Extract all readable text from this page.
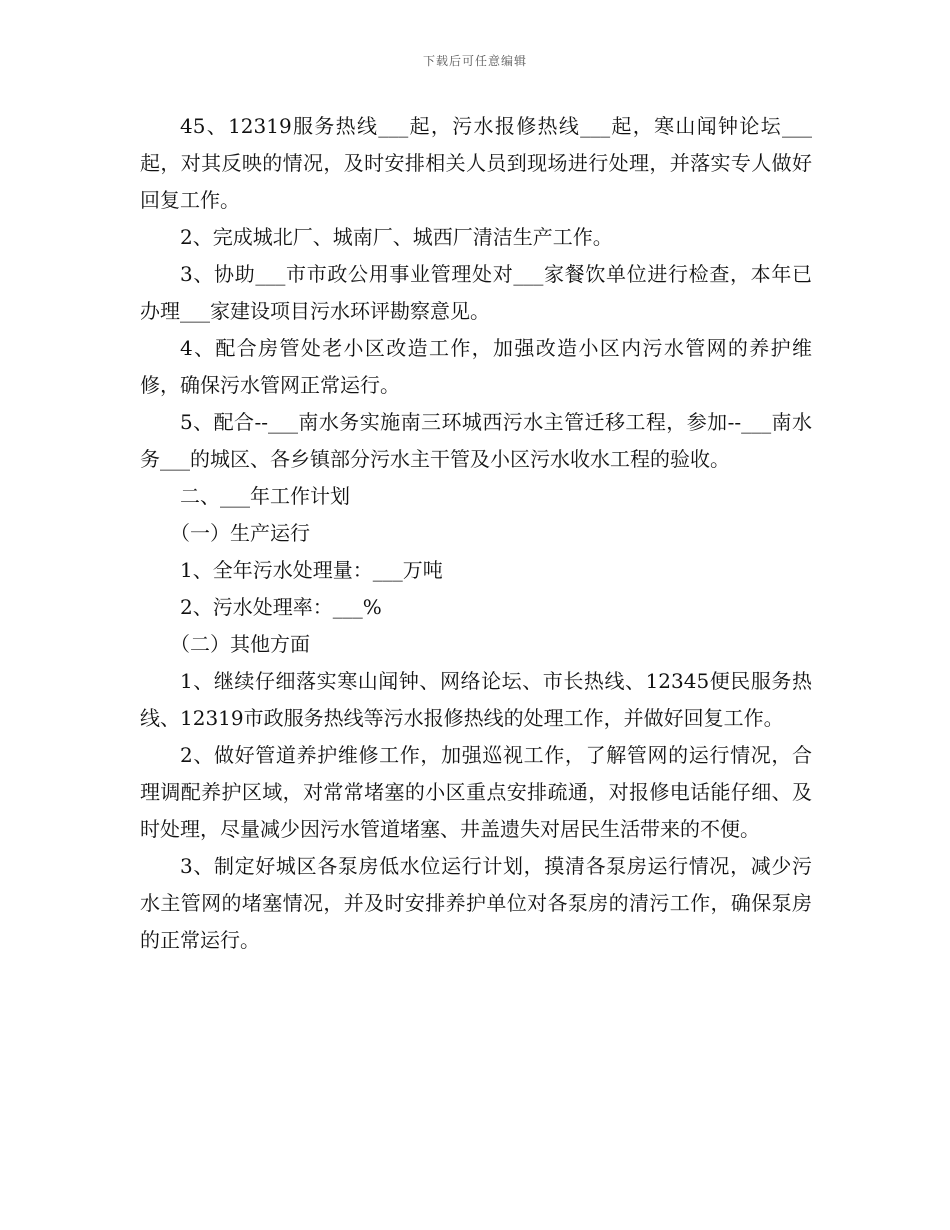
下载后可任意编辑

45、12319服务热线___起，污水报修热线___起，寒山闻钟论坛___起，对其反映的情况，及时安排相关人员到现场进行处理，并落实专人做好回复工作。

2、完成城北厂、城南厂、城西厂清洁生产工作。

3、协助___市市政公用事业管理处对___家餐饮单位进行检查，本年已办理___家建设项目污水环评勘察意见。

4、配合房管处老小区改造工作，加强改造小区内污水管网的养护维修，确保污水管网正常运行。

5、配合--___南水务实施南三环城西污水主管迁移工程，参加--___南水务___的城区、各乡镇部分污水主干管及小区污水收水工程的验收。

二、___年工作计划

（一）生产运行

1、全年污水处理量：___万吨

2、污水处理率：___%

（二）其他方面

1、继续仔细落实寒山闻钟、网络论坛、市长热线、12345便民服务热线、12319市政服务热线等污水报修热线的处理工作，并做好回复工作。

2、做好管道养护维修工作，加强巡视工作，了解管网的运行情况，合理调配养护区域，对常常堵塞的小区重点安排疏通，对报修电话能仔细、及时处理，尽量减少因污水管道堵塞、井盖遗失对居民生活带来的不便。

3、制定好城区各泵房低水位运行计划，摸清各泵房运行情况，减少污水主管网的堵塞情况，并及时安排养护单位对各泵房的清污工作，确保泵房的正常运行。
